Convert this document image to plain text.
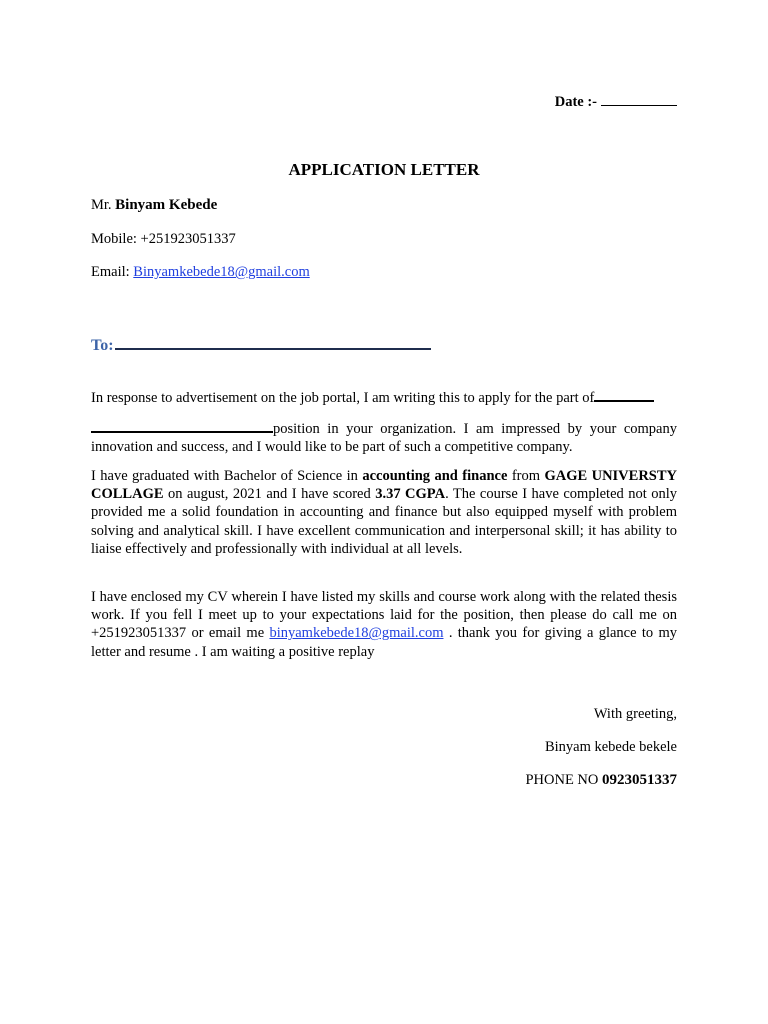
Date :-
APPLICATION LETTER
Mr. Binyam Kebede
Mobile: +251923051337
Email: Binyamkebede18@gmail.com
To:
In response to advertisement on the job portal, I am writing this to apply for the part of

position in your organization. I am impressed by your company innovation and success, and I would like to be part of such a competitive company.
I have graduated with Bachelor of Science in accounting and finance from GAGE UNIVERSTY COLLAGE on august, 2021 and I have scored 3.37 CGPA. The course I have completed not only provided me a solid foundation in accounting and finance but also equipped myself with problem solving and analytical skill. I have excellent communication and interpersonal skill; it has ability to liaise effectively and professionally with individual at all levels.
I have enclosed my CV wherein I have listed my skills and course work along with the related thesis work. If you fell I meet up to your expectations laid for the position, then please do call me on +251923051337 or email me binyamkebede18@gmail.com . thank you for giving a glance to my letter and resume . I am waiting a positive replay
With greeting,
Binyam kebede bekele
PHONE NO 0923051337
